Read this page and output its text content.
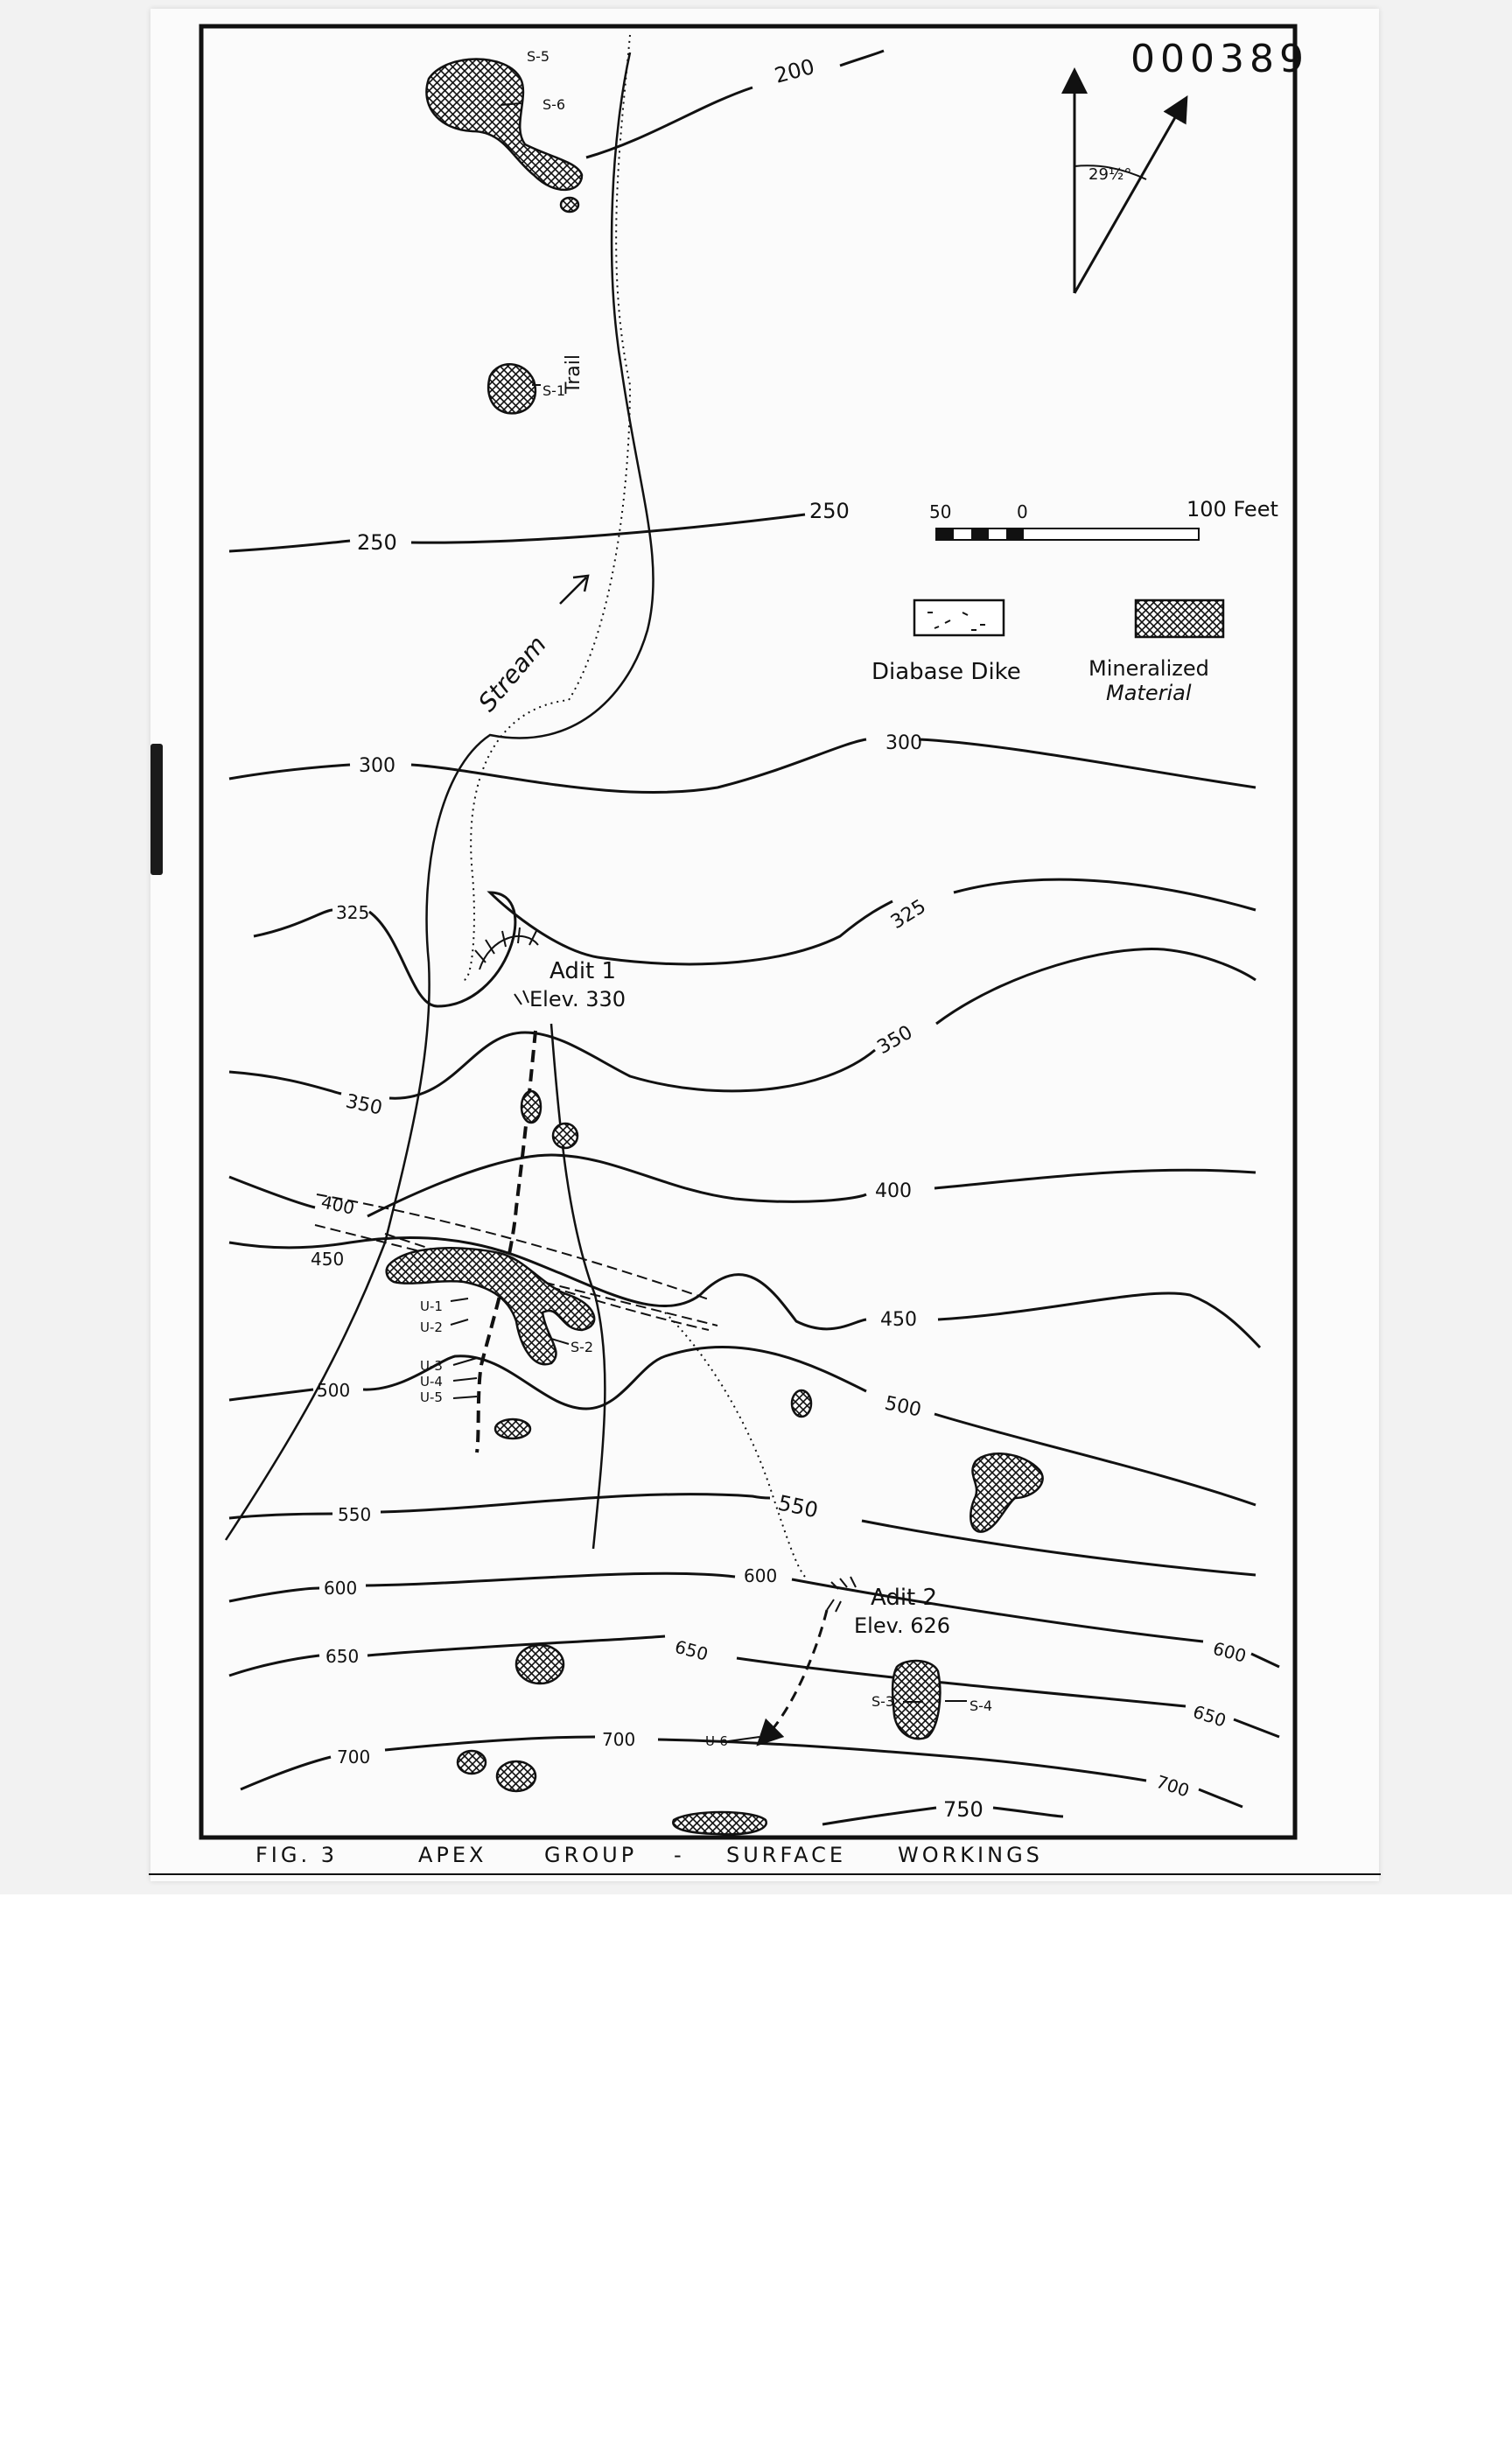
000389
29½°
50	0	100 Feet
Diabase Dike	Mineralized
Material
200
250
250
300
300
325	325
350
350
400	400
450
450
500
500
550	550
600
600
600
650	650
650
700
700
700
750
Trail
Stream
Adit 1
Elev. 330
Adit 2
Elev. 626
S-5
S-6
S-1
S-2
S-3	S-4
U-1
U-2
U-3
U-4
U-5
U-6
FIG. 3	APEX	GROUP - SURFACE WORKINGS
